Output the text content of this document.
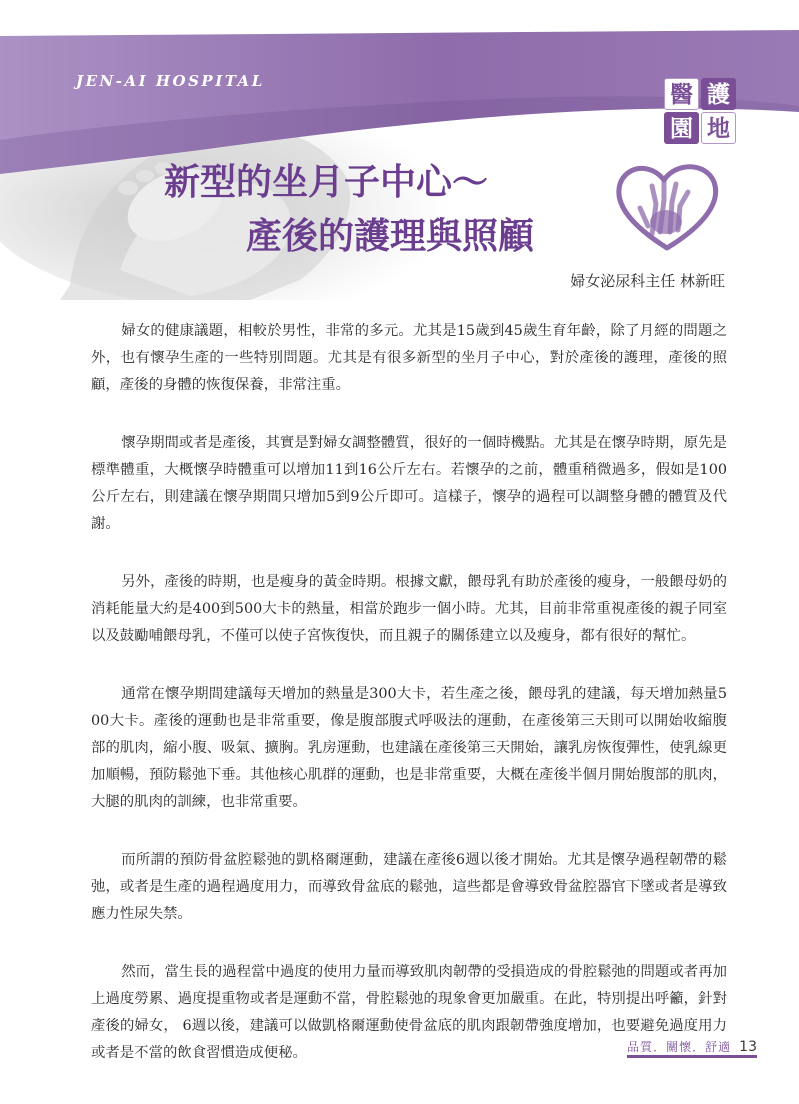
JEN-AI HOSPITAL	醫 護
園 地
新型的坐月子中心～
產後的護理與照顧

婦女泌尿科主任 林新旺

婦女的健康議題，相較於男性，非常的多元。尤其是15歲到45歲生育年齡，除了月經的問題之外，也有懷孕生產的一些特別問題。尤其是有很多新型的坐月子中心，對於產後的護理，產後的照顧，產後的身體的恢復保養，非常注重。

懷孕期間或者是產後，其實是對婦女調整體質，很好的一個時機點。尤其是在懷孕時期，原先是標準體重，大概懷孕時體重可以增加11到16公斤左右。若懷孕的之前，體重稍微過多，假如是100公斤左右，則建議在懷孕期間只增加5到9公斤即可。這樣子，懷孕的過程可以調整身體的體質及代謝。

另外，產後的時期，也是瘦身的黃金時期。根據文獻，餵母乳有助於產後的瘦身，一般餵母奶的消耗能量大約是400到500大卡的熱量，相當於跑步一個小時。尤其，目前非常重視產後的親子同室以及鼓勵哺餵母乳，不僅可以使子宮恢復快，而且親子的關係建立以及瘦身，都有很好的幫忙。

通常在懷孕期間建議每天增加的熱量是300大卡，若生產之後，餵母乳的建議，每天增加熱量500大卡。產後的運動也是非常重要，像是腹部腹式呼吸法的運動，在產後第三天則可以開始收縮腹部的肌肉，縮小腹、吸氣、擴胸。乳房運動，也建議在產後第三天開始，讓乳房恢復彈性，使乳線更加順暢，預防鬆弛下垂。其他核心肌群的運動，也是非常重要，大概在產後半個月開始腹部的肌肉，大腿的肌肉的訓練，也非常重要。

而所謂的預防骨盆腔鬆弛的凱格爾運動，建議在產後6週以後才開始。尤其是懷孕過程韌帶的鬆弛，或者是生產的過程過度用力，而導致骨盆底的鬆弛，這些都是會導致骨盆腔器官下墜或者是導致應力性尿失禁。

然而，當生長的過程當中過度的使用力量而導致肌肉韌帶的受損造成的骨腔鬆弛的問題或者再加上過度勞累、過度提重物或者是運動不當，骨腔鬆弛的現象會更加嚴重。在此，特別提出呼籲，針對產後的婦女， 6週以後，建議可以做凱格爾運動使骨盆底的肌肉跟韌帶強度增加，也要避免過度用力或者是不當的飲食習慣造成便秘。	品質．關懷．舒適 13
